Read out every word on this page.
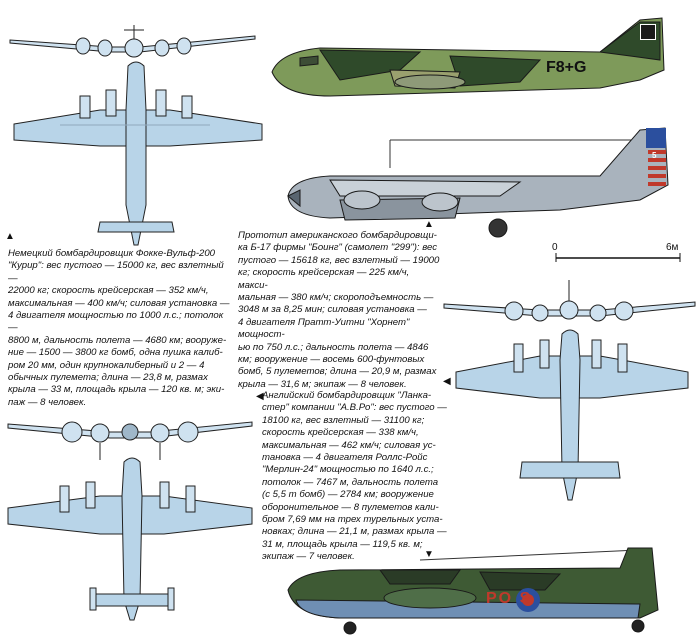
F8+G
5
0	6м
PO S
▲
▲
◀
◀
▼
Немецкий бомбардировщик Фокке-Вульф-200
"Курир": вес пустого — 15000 кг, вес взлетный —
22000 кг; скорость крейсерская — 352 км/ч,
максимальная — 400 км/ч; силовая установка —
4 двигателя мощностью по 1000 л.с.; потолок —
8800 м, дальность полета — 4680 км; вооруже-
ние — 1500 — 3800 кг бомб, одна пушка калиб-
ром 20 мм, один крупнокалиберный и 2 — 4
обычных пулемета; длина — 23,8 м, размах
крыла — 33 м, площадь крыла — 120 кв. м; эки-
паж — 8 человек.
Прототип американского бомбардировщи-
ка Б-17 фирмы "Боинг" (самолет "299"): вес
пустого — 15618 кг, вес взлетный — 19000
кг; скорость крейсерская — 225 км/ч, макси-
мальная — 380 км/ч; скороподъемность —
3048 м за 8,25 мин; силовая установка —
4 двигателя Пратт-Уитни "Хорнет" мощност-
ью по 750 л.с.; дальность полета — 4846
км; вооружение — восемь 600-фунтовых
бомб, 5 пулеметов; длина — 20,9 м, размах
крыла — 31,6 м; экипаж — 8 человек.
Английский бомбардировщик "Ланка-
стер" компании "А.В.Ро": вес пустого —
18100 кг, вес взлетный — 31100 кг;
скорость крейсерская — 338 км/ч,
максимальная — 462 км/ч; силовая ус-
тановка — 4 двигателя Роллс-Ройс
"Мерлин-24" мощностью по 1640 л.с.;
потолок — 7467 м, дальность полета
(с 5,5 т бомб) — 2784 км; вооружение
оборонительное — 8 пулеметов кали-
бром 7,69 мм на трех турельных уста-
новках; длина — 21,1 м, размах крыла —
31 м, площадь крыла — 119,5 кв. м;
экипаж — 7 человек.
